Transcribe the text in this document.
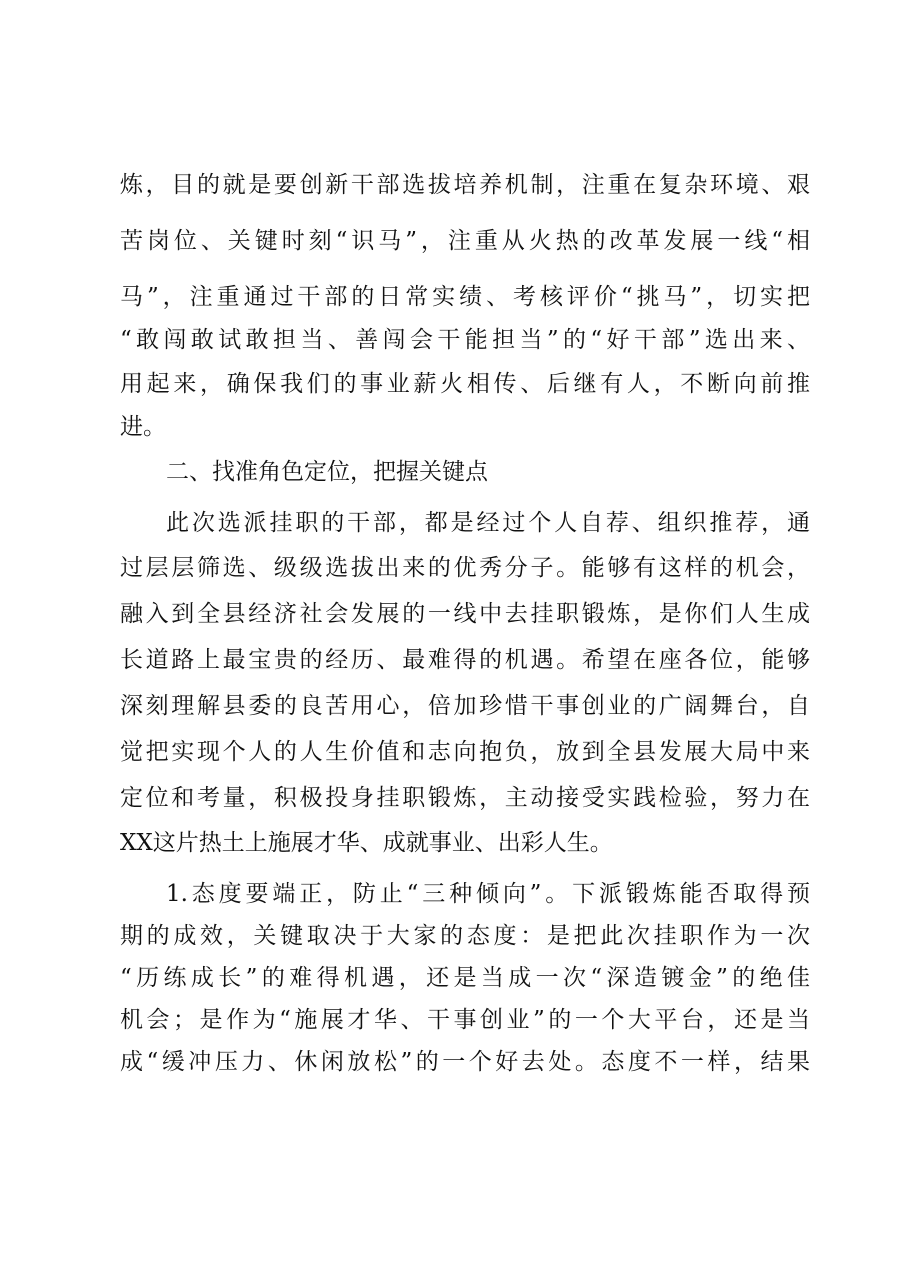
炼，目的就是要创新干部选拔培养机制，注重在复杂环境、艰

苦岗位、关键时刻“识马”，注重从火热的改革发展一线“相

马”，注重通过干部的日常实绩、考核评价“挑马”，切实把

“敢闯敢试敢担当、善闯会干能担当”的“好干部”选出来、

用起来，确保我们的事业薪火相传、后继有人，不断向前推

进。

二、找准角色定位，把握关键点

此次选派挂职的干部，都是经过个人自荐、组织推荐，通

过层层筛选、级级选拔出来的优秀分子。能够有这样的机会，

融入到全县经济社会发展的一线中去挂职锻炼，是你们人生成

长道路上最宝贵的经历、最难得的机遇。希望在座各位，能够

深刻理解县委的良苦用心，倍加珍惜干事创业的广阔舞台，自

觉把实现个人的人生价值和志向抱负，放到全县发展大局中来

定位和考量，积极投身挂职锻炼，主动接受实践检验，努力在

XX这片热土上施展才华、成就事业、出彩人生。

1.态度要端正，防止“三种倾向”。下派锻炼能否取得预

期的成效，关键取决于大家的态度：是把此次挂职作为一次

“历练成长”的难得机遇，还是当成一次“深造镀金”的绝佳

机会；是作为“施展才华、干事创业”的一个大平台，还是当

成“缓冲压力、休闲放松”的一个好去处。态度不一样，结果
